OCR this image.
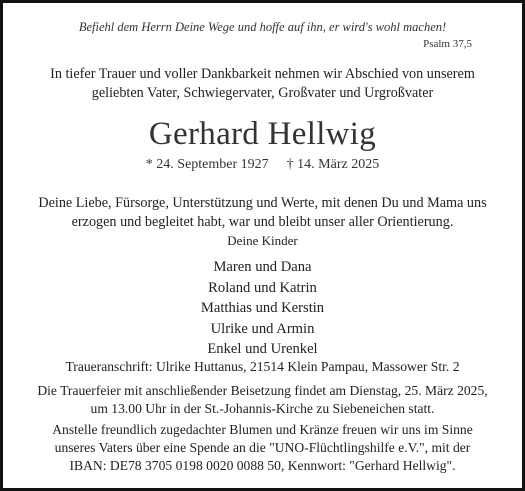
Befiehl dem Herrn Deine Wege und hoffe auf ihn, er wird's wohl machen!
Psalm 37,5
In tiefer Trauer und voller Dankbarkeit nehmen wir Abschied von unserem
geliebten Vater, Schwiegervater, Großvater und Urgroßvater
Gerhard Hellwig
* 24. September 1927 † 14. März 2025
Deine Liebe, Fürsorge, Unterstützung und Werte, mit denen Du und Mama uns
erzogen und begleitet habt, war und bleibt unser aller Orientierung.
Deine Kinder
Maren und Dana
Roland und Katrin
Matthias und Kerstin
Ulrike und Armin
Enkel und Urenkel
Traueranschrift: Ulrike Huttanus, 21514 Klein Pampau, Massower Str. 2
Die Trauerfeier mit anschließender Beisetzung findet am Dienstag, 25. März 2025,
um 13.00 Uhr in der St.-Johannis-Kirche zu Siebeneichen statt.
Anstelle freundlich zugedachter Blumen und Kränze freuen wir uns im Sinne
unseres Vaters über eine Spende an die "UNO-Flüchtlingshilfe e.V.", mit der
IBAN: DE78 3705 0198 0020 0088 50, Kennwort: "Gerhard Hellwig".
